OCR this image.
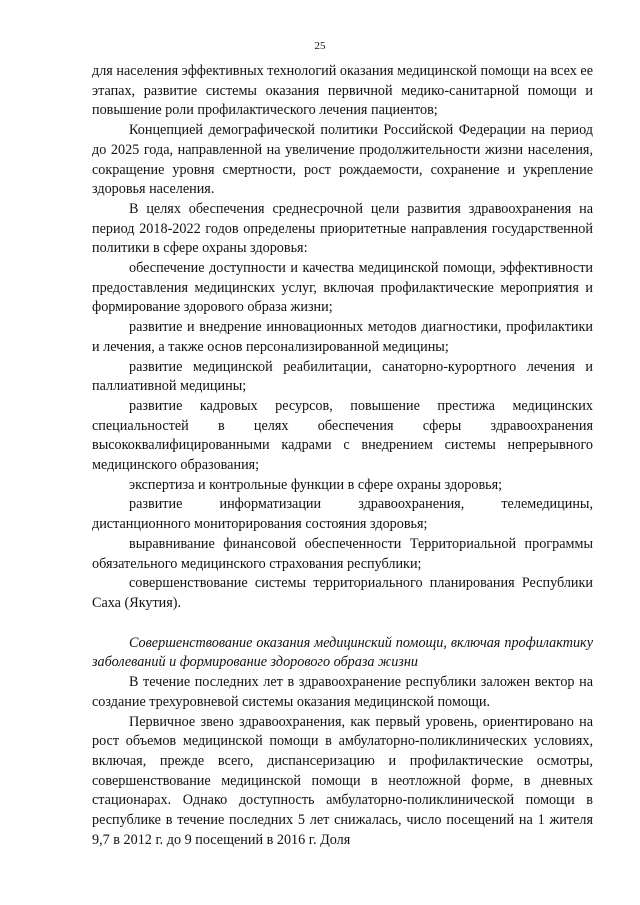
25

для населения эффективных технологий оказания медицинской помощи на всех ее этапах, развитие системы оказания первичной медико-санитарной помощи и повышение роли профилактического лечения пациентов;

Концепцией демографической политики Российской Федерации на период до 2025 года, направленной на увеличение продолжительности жизни населения, сокращение уровня смертности, рост рождаемости, сохранение и укрепление здоровья населения.

В целях обеспечения среднесрочной цели развития здравоохранения на период 2018-2022 годов определены приоритетные направления государственной политики в сфере охраны здоровья:

обеспечение доступности и качества медицинской помощи, эффективности предоставления медицинских услуг, включая профилактические мероприятия и формирование здорового образа жизни;

развитие и внедрение инновационных методов диагностики, профилактики и лечения, а также основ персонализированной медицины;

развитие медицинской реабилитации, санаторно-курортного лечения и паллиативной медицины;

развитие кадровых ресурсов, повышение престижа медицинских специальностей в целях обеспечения сферы здравоохранения высококвалифицированными кадрами с внедрением системы непрерывного медицинского образования;

экспертиза и контрольные функции в сфере охраны здоровья;

развитие информатизации здравоохранения, телемедицины, дистанционного мониторирования состояния здоровья;

выравнивание финансовой обеспеченности Территориальной программы обязательного медицинского страхования республики;

совершенствование системы территориального планирования Республики Саха (Якутия).

Совершенствование оказания медицинский помощи, включая профилактику заболеваний и формирование здорового образа жизни

В течение последних лет в здравоохранение республики заложен вектор на создание трехуровневой системы оказания медицинской помощи.

Первичное звено здравоохранения, как первый уровень, ориентировано на рост объемов медицинской помощи в амбулаторно-поликлинических условиях, включая, прежде всего, диспансеризацию и профилактические осмотры, совершенствование медицинской помощи в неотложной форме, в дневных стационарах. Однако доступность амбулаторно-поликлинической помощи в республике в течение последних 5 лет снижалась, число посещений на 1 жителя 9,7 в 2012 г. до 9 посещений в 2016 г. Доля
